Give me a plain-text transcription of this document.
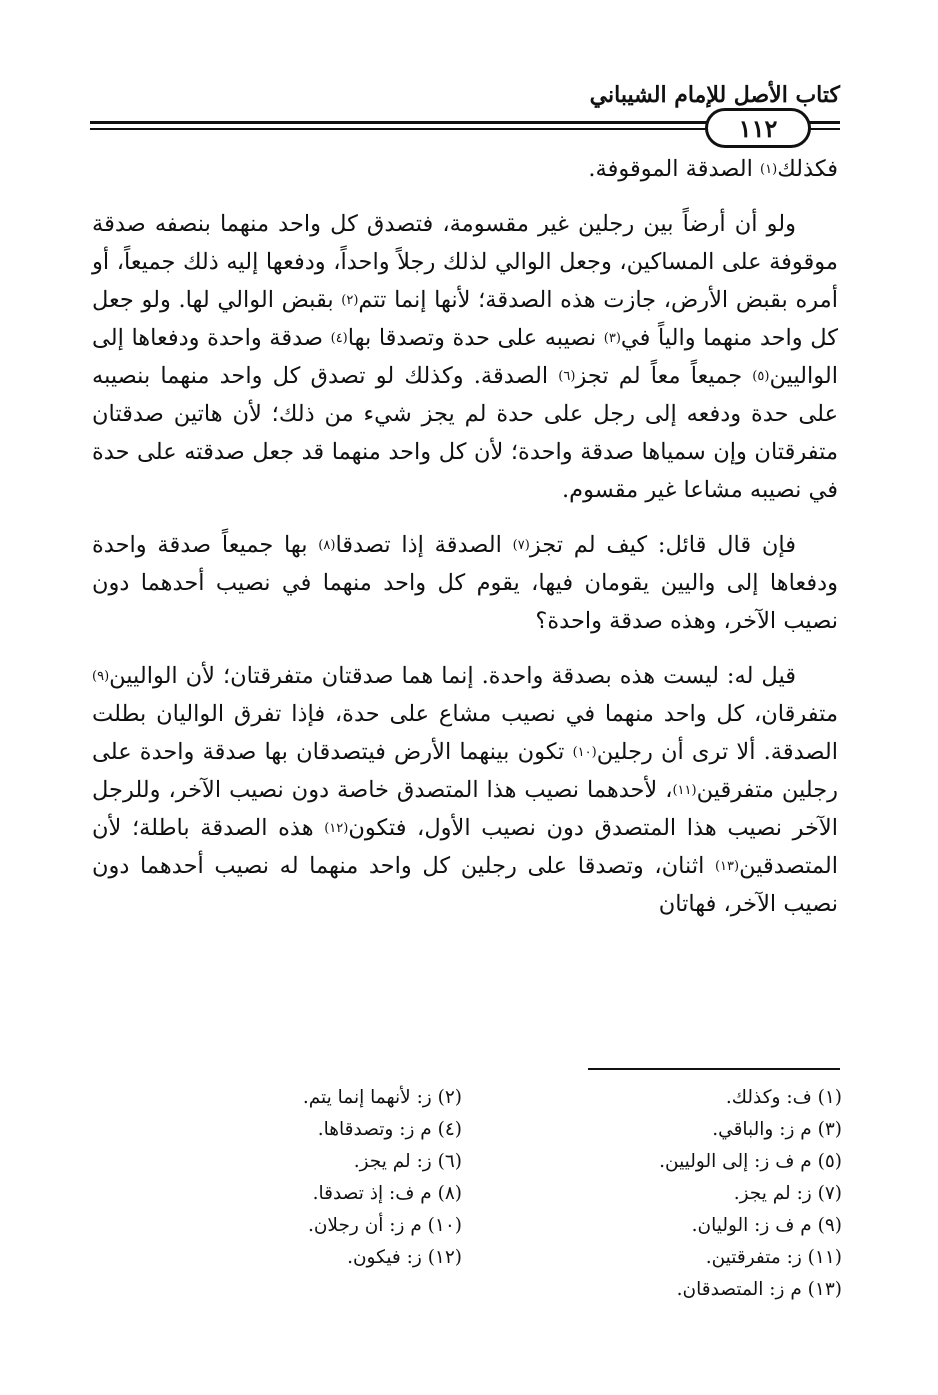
كتاب الأصل للإمام الشيباني
١١٢

فكذلك$^{(١)}$ الصدقة الموقوفة.

ولو أن أرضاً بين رجلين غير مقسومة، فتصدق كل واحد منهما بنصفه صدقة موقوفة على المساكين، وجعل الوالي لذلك رجلاً واحداً، ودفعها إليه ذلك جميعاً، أو أمره بقبض الأرض، جازت هذه الصدقة؛ لأنها إنما تتم$^{(٢)}$ بقبض الوالي لها. ولو جعل كل واحد منهما والياً في$^{(٣)}$ نصيبه على حدة وتصدقا بها$^{(٤)}$ صدقة واحدة ودفعاها إلى الواليين$^{(٥)}$ جميعاً معاً لم تجز$^{(٦)}$ الصدقة. وكذلك لو تصدق كل واحد منهما بنصيبه على حدة ودفعه إلى رجل على حدة لم يجز شيء من ذلك؛ لأن هاتين صدقتان متفرقتان وإن سمياها صدقة واحدة؛ لأن كل واحد منهما قد جعل صدقته على حدة في نصيبه مشاعا غير مقسوم.

فإن قال قائل: كيف لم تجز$^{(٧)}$ الصدقة إذا تصدقا$^{(٨)}$ بها جميعاً صدقة واحدة ودفعاها إلى واليين يقومان فيها، يقوم كل واحد منهما في نصيب أحدهما دون نصيب الآخر، وهذه صدقة واحدة؟

قيل له: ليست هذه بصدقة واحدة. إنما هما صدقتان متفرقتان؛ لأن الواليين$^{(٩)}$ متفرقان، كل واحد منهما في نصيب مشاع على حدة، فإذا تفرق الواليان بطلت الصدقة. ألا ترى أن رجلين$^{(١٠)}$ تكون بينهما الأرض فيتصدقان بها صدقة واحدة على رجلين متفرقين$^{(١١)}$، لأحدهما نصيب هذا المتصدق خاصة دون نصيب الآخر، وللرجل الآخر نصيب هذا المتصدق دون نصيب الأول، فتكون$^{(١٢)}$ هذه الصدقة باطلة؛ لأن المتصدقين$^{(١٣)}$ اثنان، وتصدقا على رجلين كل واحد منهما له نصيب أحدهما دون نصيب الآخر، فهاتان

(١) ف: وكذلك.
(٣) م ز: والباقي.
(٥) م ف ز: إلى الوليين.
(٧) ز: لم يجز.
(٩) م ف ز: الوليان.
(١١) ز: متفرقتين.
(١٣) م ز: المتصدقان.
(٢) ز: لأنهما إنما يتم.
(٤) م ز: وتصدقاها.
(٦) ز: لم يجز.
(٨) م ف: إذ تصدقا.
(١٠) م ز: أن رجلان.
(١٢) ز: فيكون.
